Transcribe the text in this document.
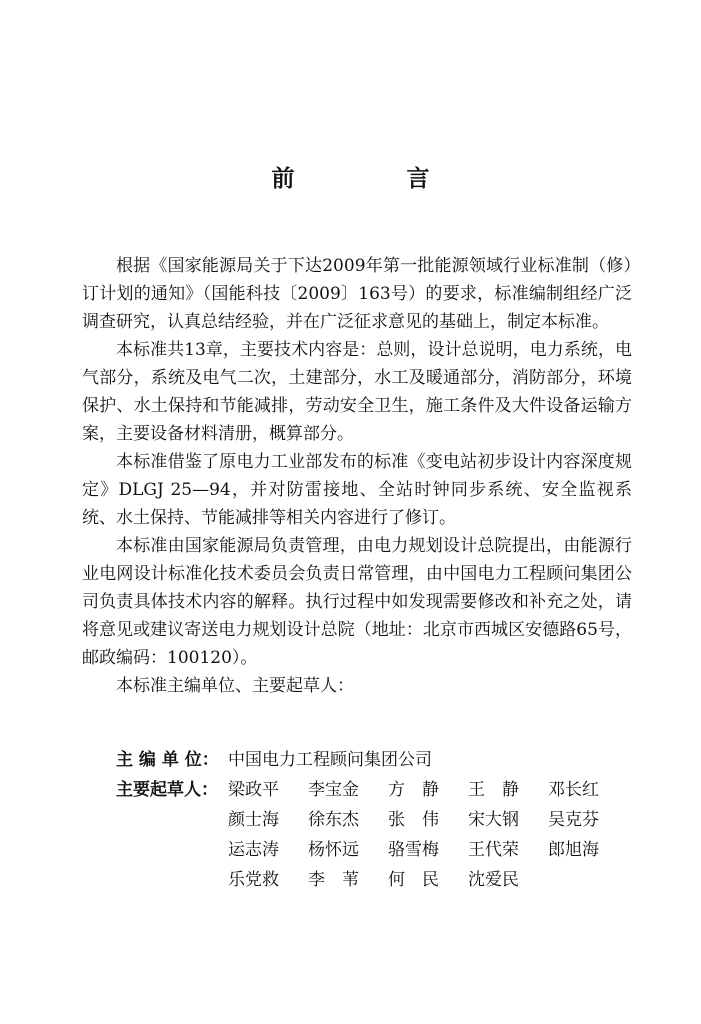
前 言

根据《国家能源局关于下达2009年第一批能源领域行业标准制（修）订计划的通知》（国能科技〔2009〕163号）的要求，标准编制组经广泛调查研究，认真总结经验，并在广泛征求意见的基础上，制定本标准。

本标准共13章，主要技术内容是：总则，设计总说明，电力系统，电气部分，系统及电气二次，土建部分，水工及暖通部分，消防部分，环境保护、水土保持和节能减排，劳动安全卫生，施工条件及大件设备运输方案，主要设备材料清册，概算部分。

本标准借鉴了原电力工业部发布的标准《变电站初步设计内容深度规定》DLGJ 25—94，并对防雷接地、全站时钟同步系统、安全监视系统、水土保持、节能减排等相关内容进行了修订。

本标准由国家能源局负责管理，由电力规划设计总院提出，由能源行业电网设计标准化技术委员会负责日常管理，由中国电力工程顾问集团公司负责具体技术内容的解释。执行过程中如发现需要修改和补充之处，请将意见或建议寄送电力规划设计总院（地址：北京市西城区安德路65号，邮政编码：100120）。

本标准主编单位、主要起草人：

主 编 单 位： 中国电力工程顾问集团公司
主要起草人： 梁政平	李宝金	方　静	王　静	邓长红
颜士海	徐东杰	张　伟	宋大钢	吴克芬
运志涛	杨怀远	骆雪梅	王代荣	郎旭海
乐党救	李　苇	何　民	沈爱民
